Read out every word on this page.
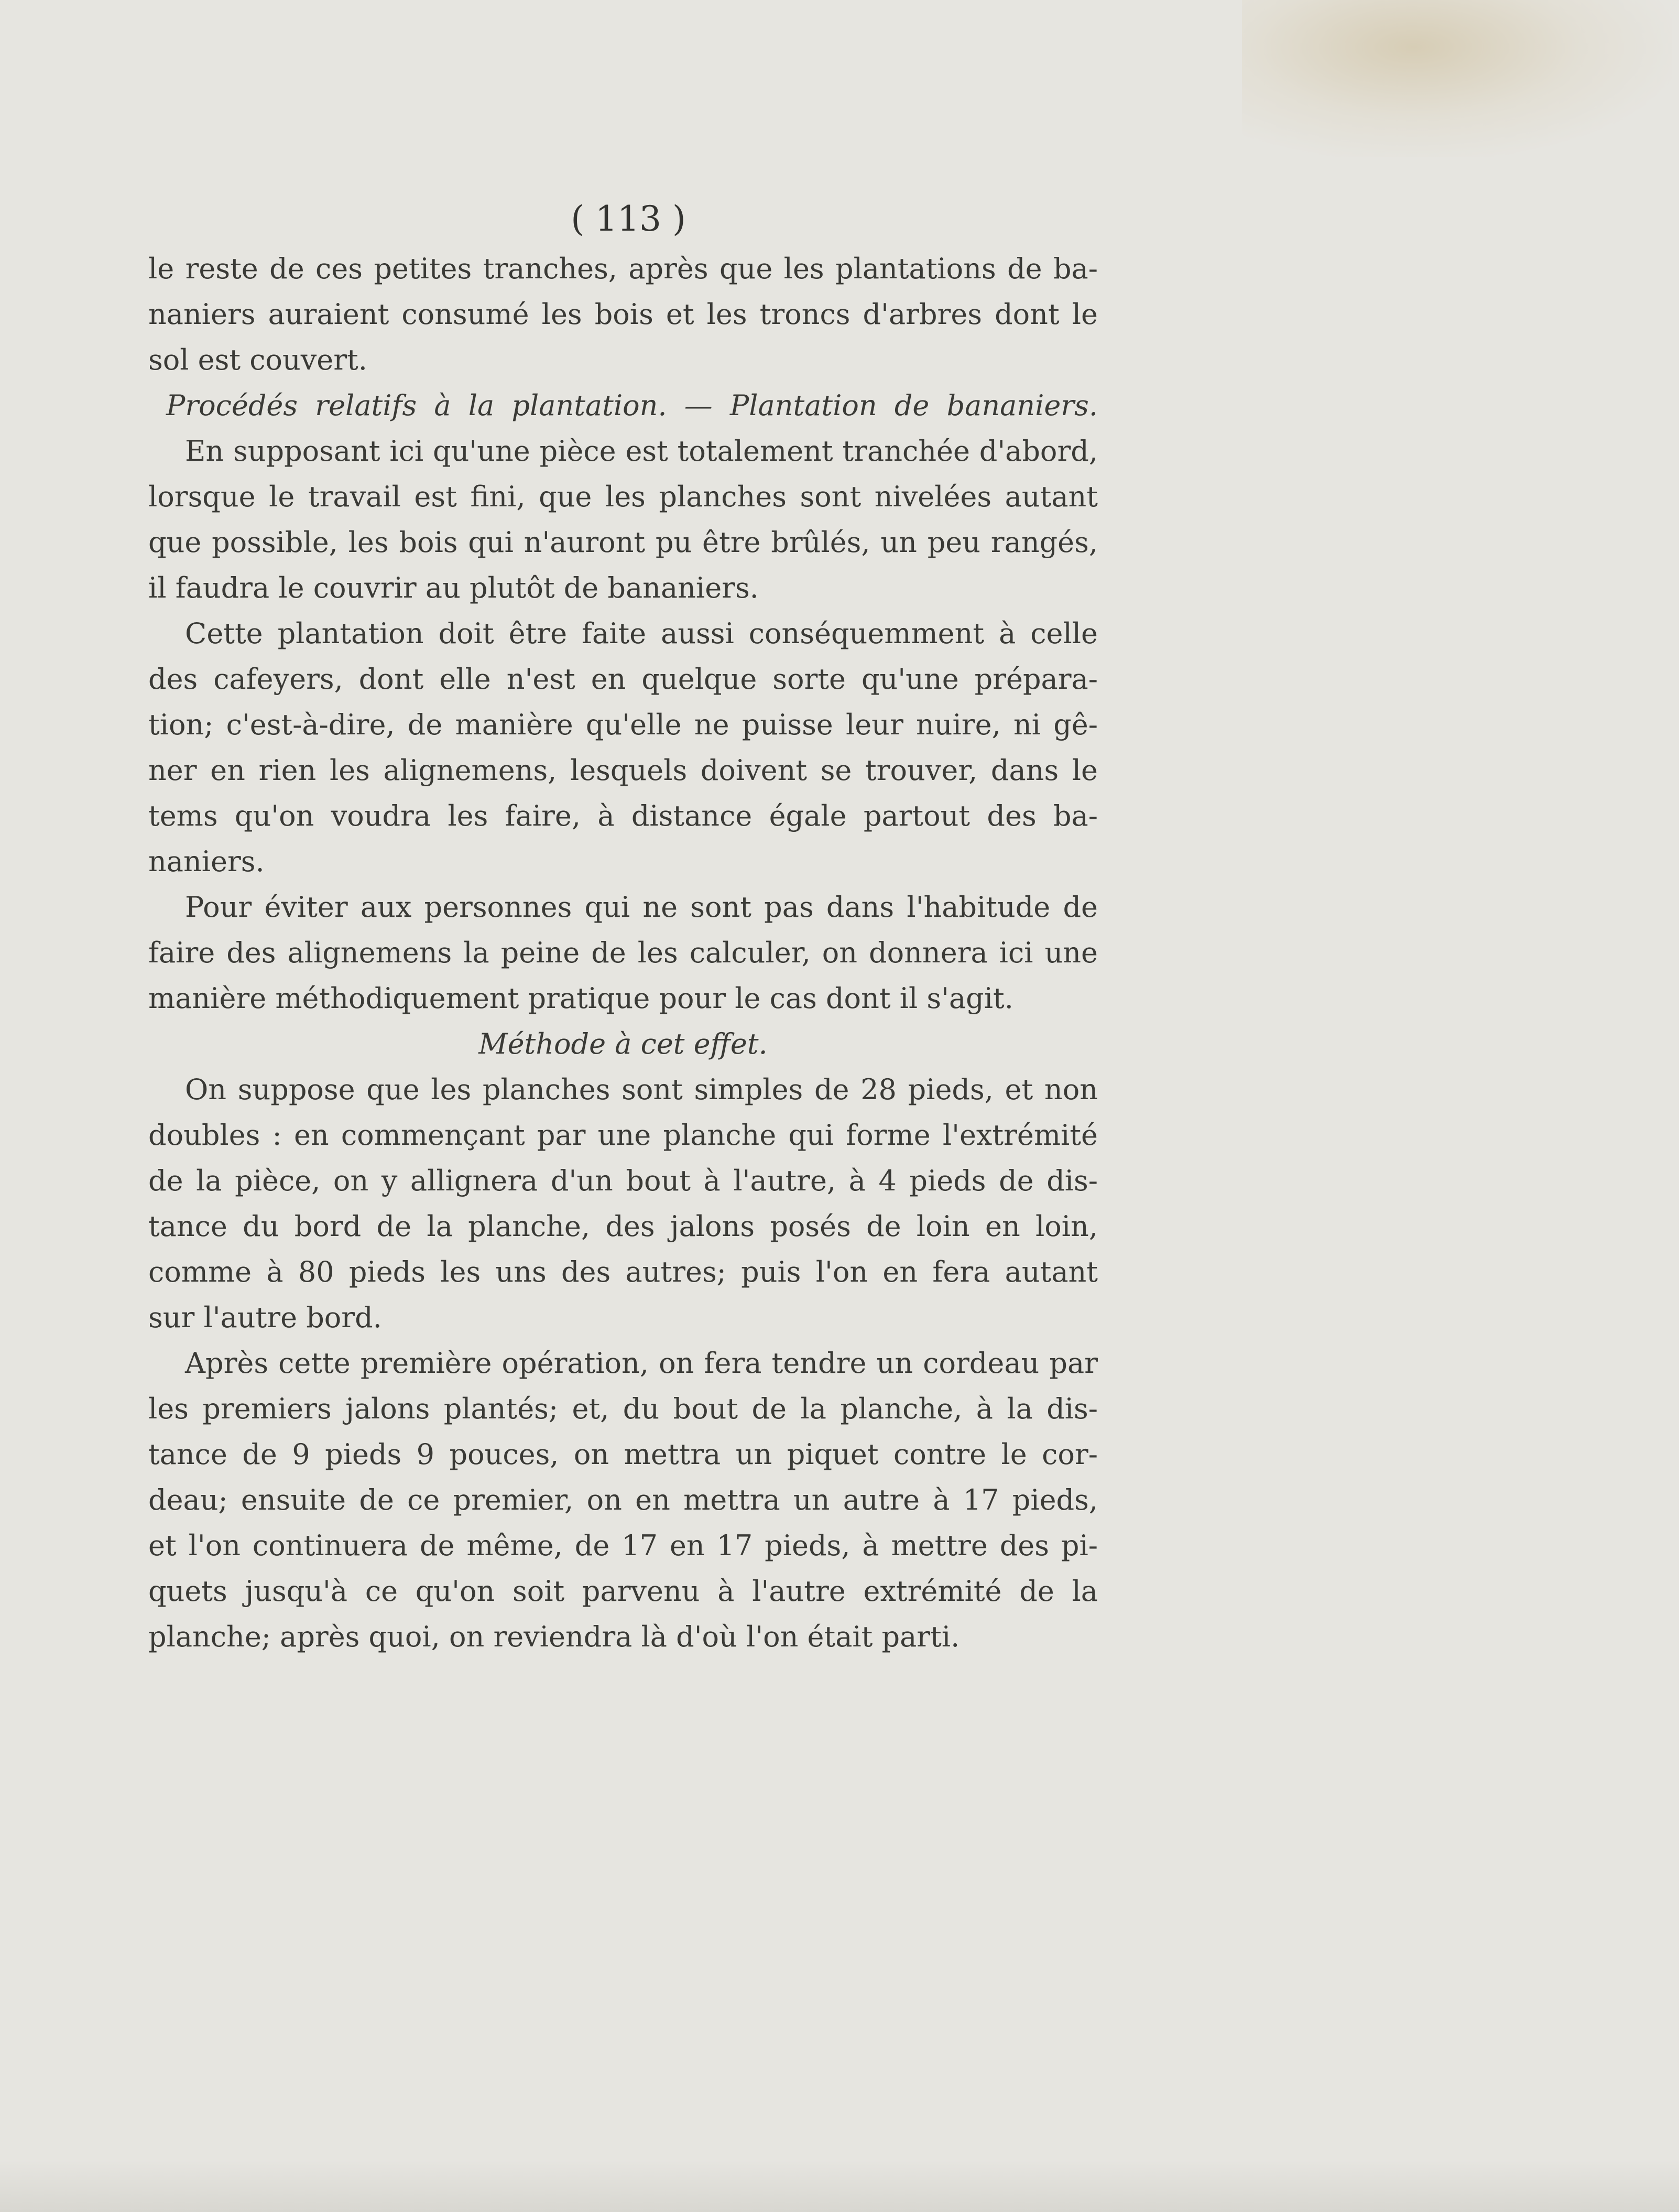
( 113 )
le reste de ces petites tranches, après que les plantations de ba-
naniers auraient consumé les bois et les troncs d'arbres dont le
sol est couvert.
Procédés relatifs à la plantation. — Plantation de bananiers.
En supposant ici qu'une pièce est totalement tranchée d'abord,
lorsque le travail est fini, que les planches sont nivelées autant
que possible, les bois qui n'auront pu être brûlés, un peu rangés,
il faudra le couvrir au plutôt de bananiers.
Cette plantation doit être faite aussi conséquemment à celle
des cafeyers, dont elle n'est en quelque sorte qu'une prépara-
tion; c'est-à-dire, de manière qu'elle ne puisse leur nuire, ni gê-
ner en rien les alignemens, lesquels doivent se trouver, dans le
tems qu'on voudra les faire, à distance égale partout des ba-
naniers.
Pour éviter aux personnes qui ne sont pas dans l'habitude de
faire des alignemens la peine de les calculer, on donnera ici une
manière méthodiquement pratique pour le cas dont il s'agit.
Méthode à cet effet.
On suppose que les planches sont simples de 28 pieds, et non
doubles : en commençant par une planche qui forme l'extrémité
de la pièce, on y allignera d'un bout à l'autre, à 4 pieds de dis-
tance du bord de la planche, des jalons posés de loin en loin,
comme à 80 pieds les uns des autres; puis l'on en fera autant
sur l'autre bord.
Après cette première opération, on fera tendre un cordeau par
les premiers jalons plantés; et, du bout de la planche, à la dis-
tance de 9 pieds 9 pouces, on mettra un piquet contre le cor-
deau; ensuite de ce premier, on en mettra un autre à 17 pieds,
et l'on continuera de même, de 17 en 17 pieds, à mettre des pi-
quets jusqu'à ce qu'on soit parvenu à l'autre extrémité de la
planche; après quoi, on reviendra là d'où l'on était parti.
